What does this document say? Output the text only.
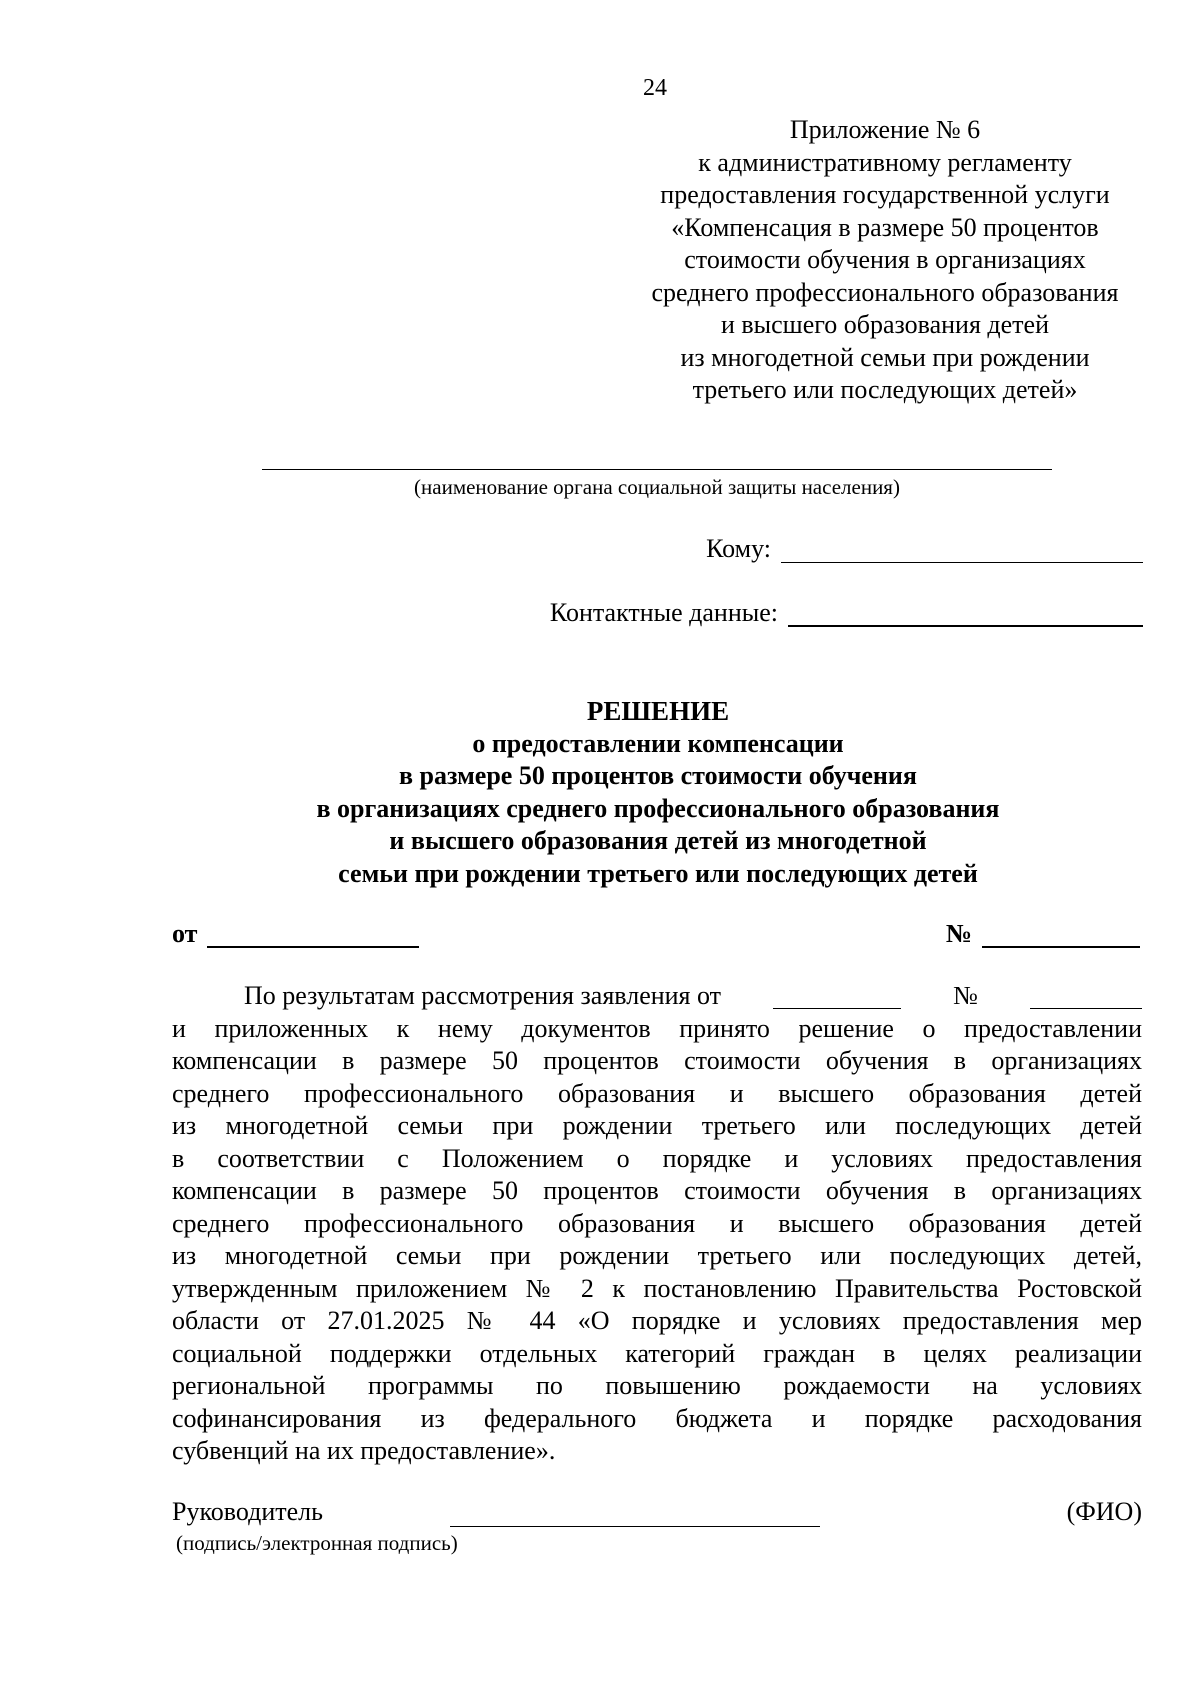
24
Приложение № 6
к административному регламенту
предоставления государственной услуги
«Компенсация в размере 50 процентов
стоимости обучения в организациях
среднего профессионального образования
и высшего образования детей
из многодетной семьи при рождении
третьего или последующих детей»
(наименование органа социальной защиты населения)
Кому:
Контактные данные:
РЕШЕНИЕ
о предоставлении компенсации
в размере 50 процентов стоимости обучения
в организациях среднего профессионального образования
и высшего образования детей из многодетной
семьи при рождении третьего или последующих детей
от	№
По результатам рассмотрения заявления от	№
и приложенных к нему документов принято решение о предоставлении
компенсации в размере 50 процентов стоимости обучения в организациях
среднего профессионального образования и высшего образования детей
из многодетной семьи при рождении третьего или последующих детей
в соответствии с Положением о порядке и условиях предоставления
компенсации в размере 50 процентов стоимости обучения в организациях
среднего профессионального образования и высшего образования детей
из многодетной семьи при рождении третьего или последующих детей,
утвержденным приложением № 2 к постановлению Правительства Ростовской
области от 27.01.2025 № 44 «О порядке и условиях предоставления мер
социальной поддержки отдельных категорий граждан в целях реализации
региональной программы по повышению рождаемости на условиях
софинансирования из федерального бюджета и порядке расходования
субвенций на их предоставление».
Руководитель	(ФИО)
(подпись/электронная подпись)
